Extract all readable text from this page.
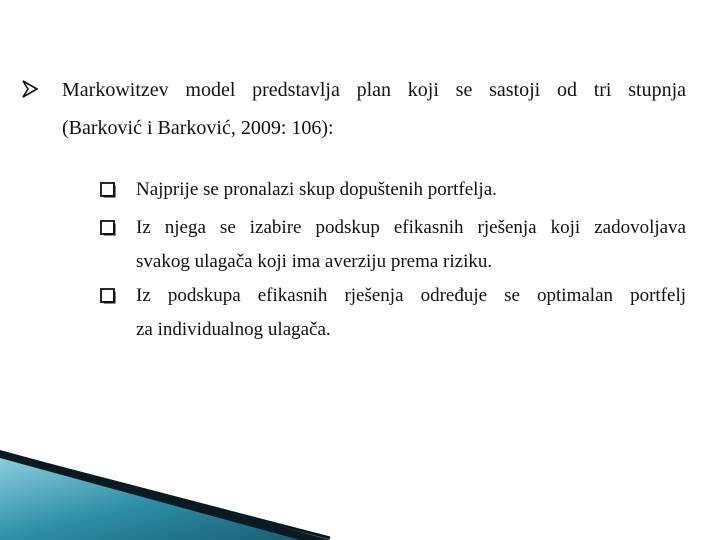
Markowitzev model predstavlja plan koji se sastoji od tri stupnja
(Barković i Barković, 2009: 106):
Najprije se pronalazi skup dopuštenih portfelja.
Iz njega se izabire podskup efikasnih rješenja koji zadovoljava
svakog ulagača koji ima averziju prema riziku.
Iz podskupa efikasnih rješenja određuje se optimalan portfelj
za individualnog ulagača.
